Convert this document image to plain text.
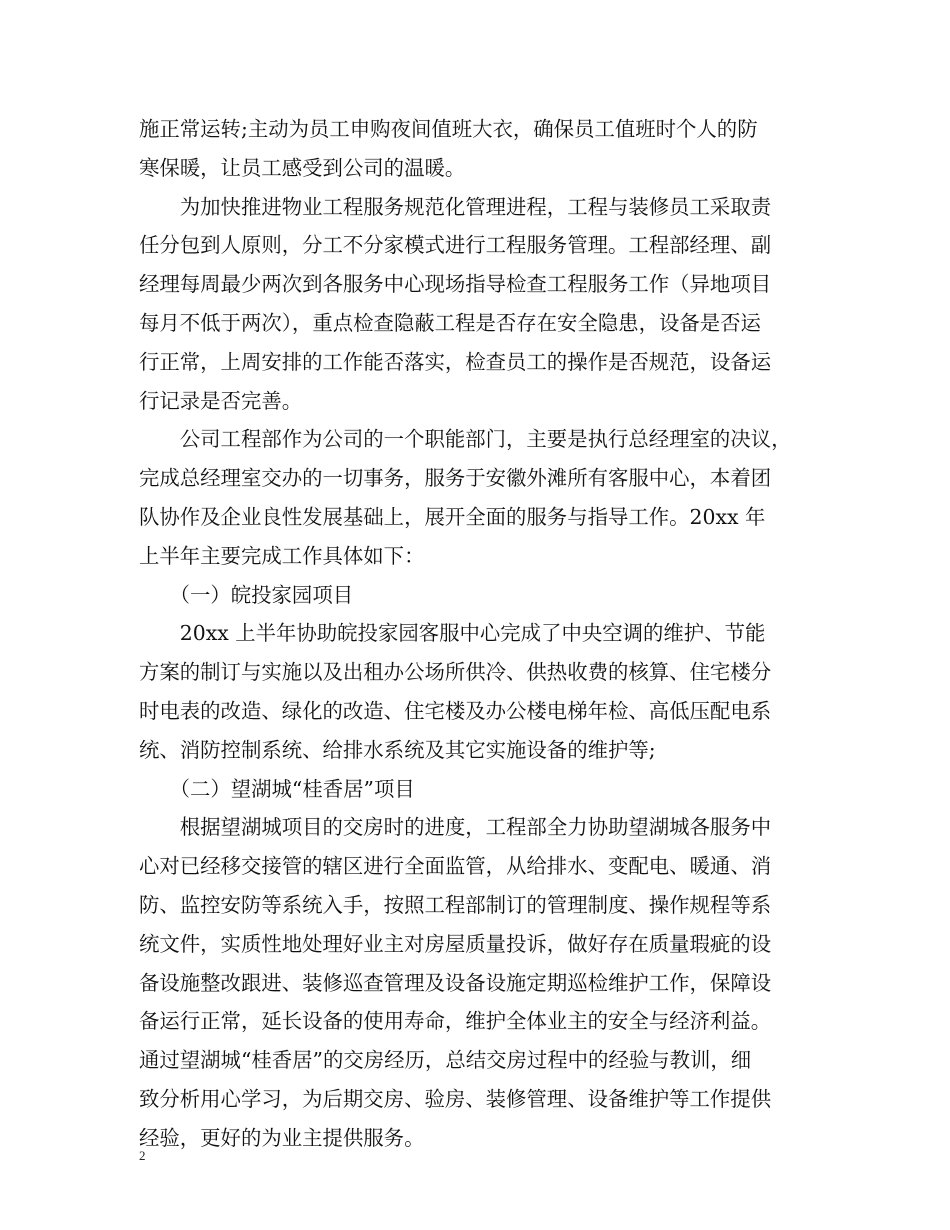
施正常运转;主动为员工申购夜间值班大衣，确保员工值班时个人的防
寒保暖，让员工感受到公司的温暖。
　　为加快推进物业工程服务规范化管理进程，工程与装修员工采取责
任分包到人原则，分工不分家模式进行工程服务管理。工程部经理、副
经理每周最少两次到各服务中心现场指导检查工程服务工作（异地项目
每月不低于两次），重点检查隐蔽工程是否存在安全隐患，设备是否运
行正常，上周安排的工作能否落实，检查员工的操作是否规范，设备运
行记录是否完善。
　　公司工程部作为公司的一个职能部门，主要是执行总经理室的决议，
完成总经理室交办的一切事务，服务于安徽外滩所有客服中心，本着团
队协作及企业良性发展基础上，展开全面的服务与指导工作。20xx 年
上半年主要完成工作具体如下：
　　（一）皖投家园项目
　　20xx 上半年协助皖投家园客服中心完成了中央空调的维护、节能
方案的制订与实施以及出租办公场所供冷、供热收费的核算、住宅楼分
时电表的改造、绿化的改造、住宅楼及办公楼电梯年检、高低压配电系
统、消防控制系统、给排水系统及其它实施设备的维护等;
　　（二）望湖城“桂香居”项目
　　根据望湖城项目的交房时的进度，工程部全力协助望湖城各服务中
心对已经移交接管的辖区进行全面监管，从给排水、变配电、暖通、消
防、监控安防等系统入手，按照工程部制订的管理制度、操作规程等系
统文件，实质性地处理好业主对房屋质量投诉，做好存在质量瑕疵的设
备设施整改跟进、装修巡查管理及设备设施定期巡检维护工作，保障设
备运行正常，延长设备的使用寿命，维护全体业主的安全与经济利益。
通过望湖城“桂香居”的交房经历，总结交房过程中的经验与教训，细
致分析用心学习，为后期交房、验房、装修管理、设备维护等工作提供
经验，更好的为业主提供服务。
2
